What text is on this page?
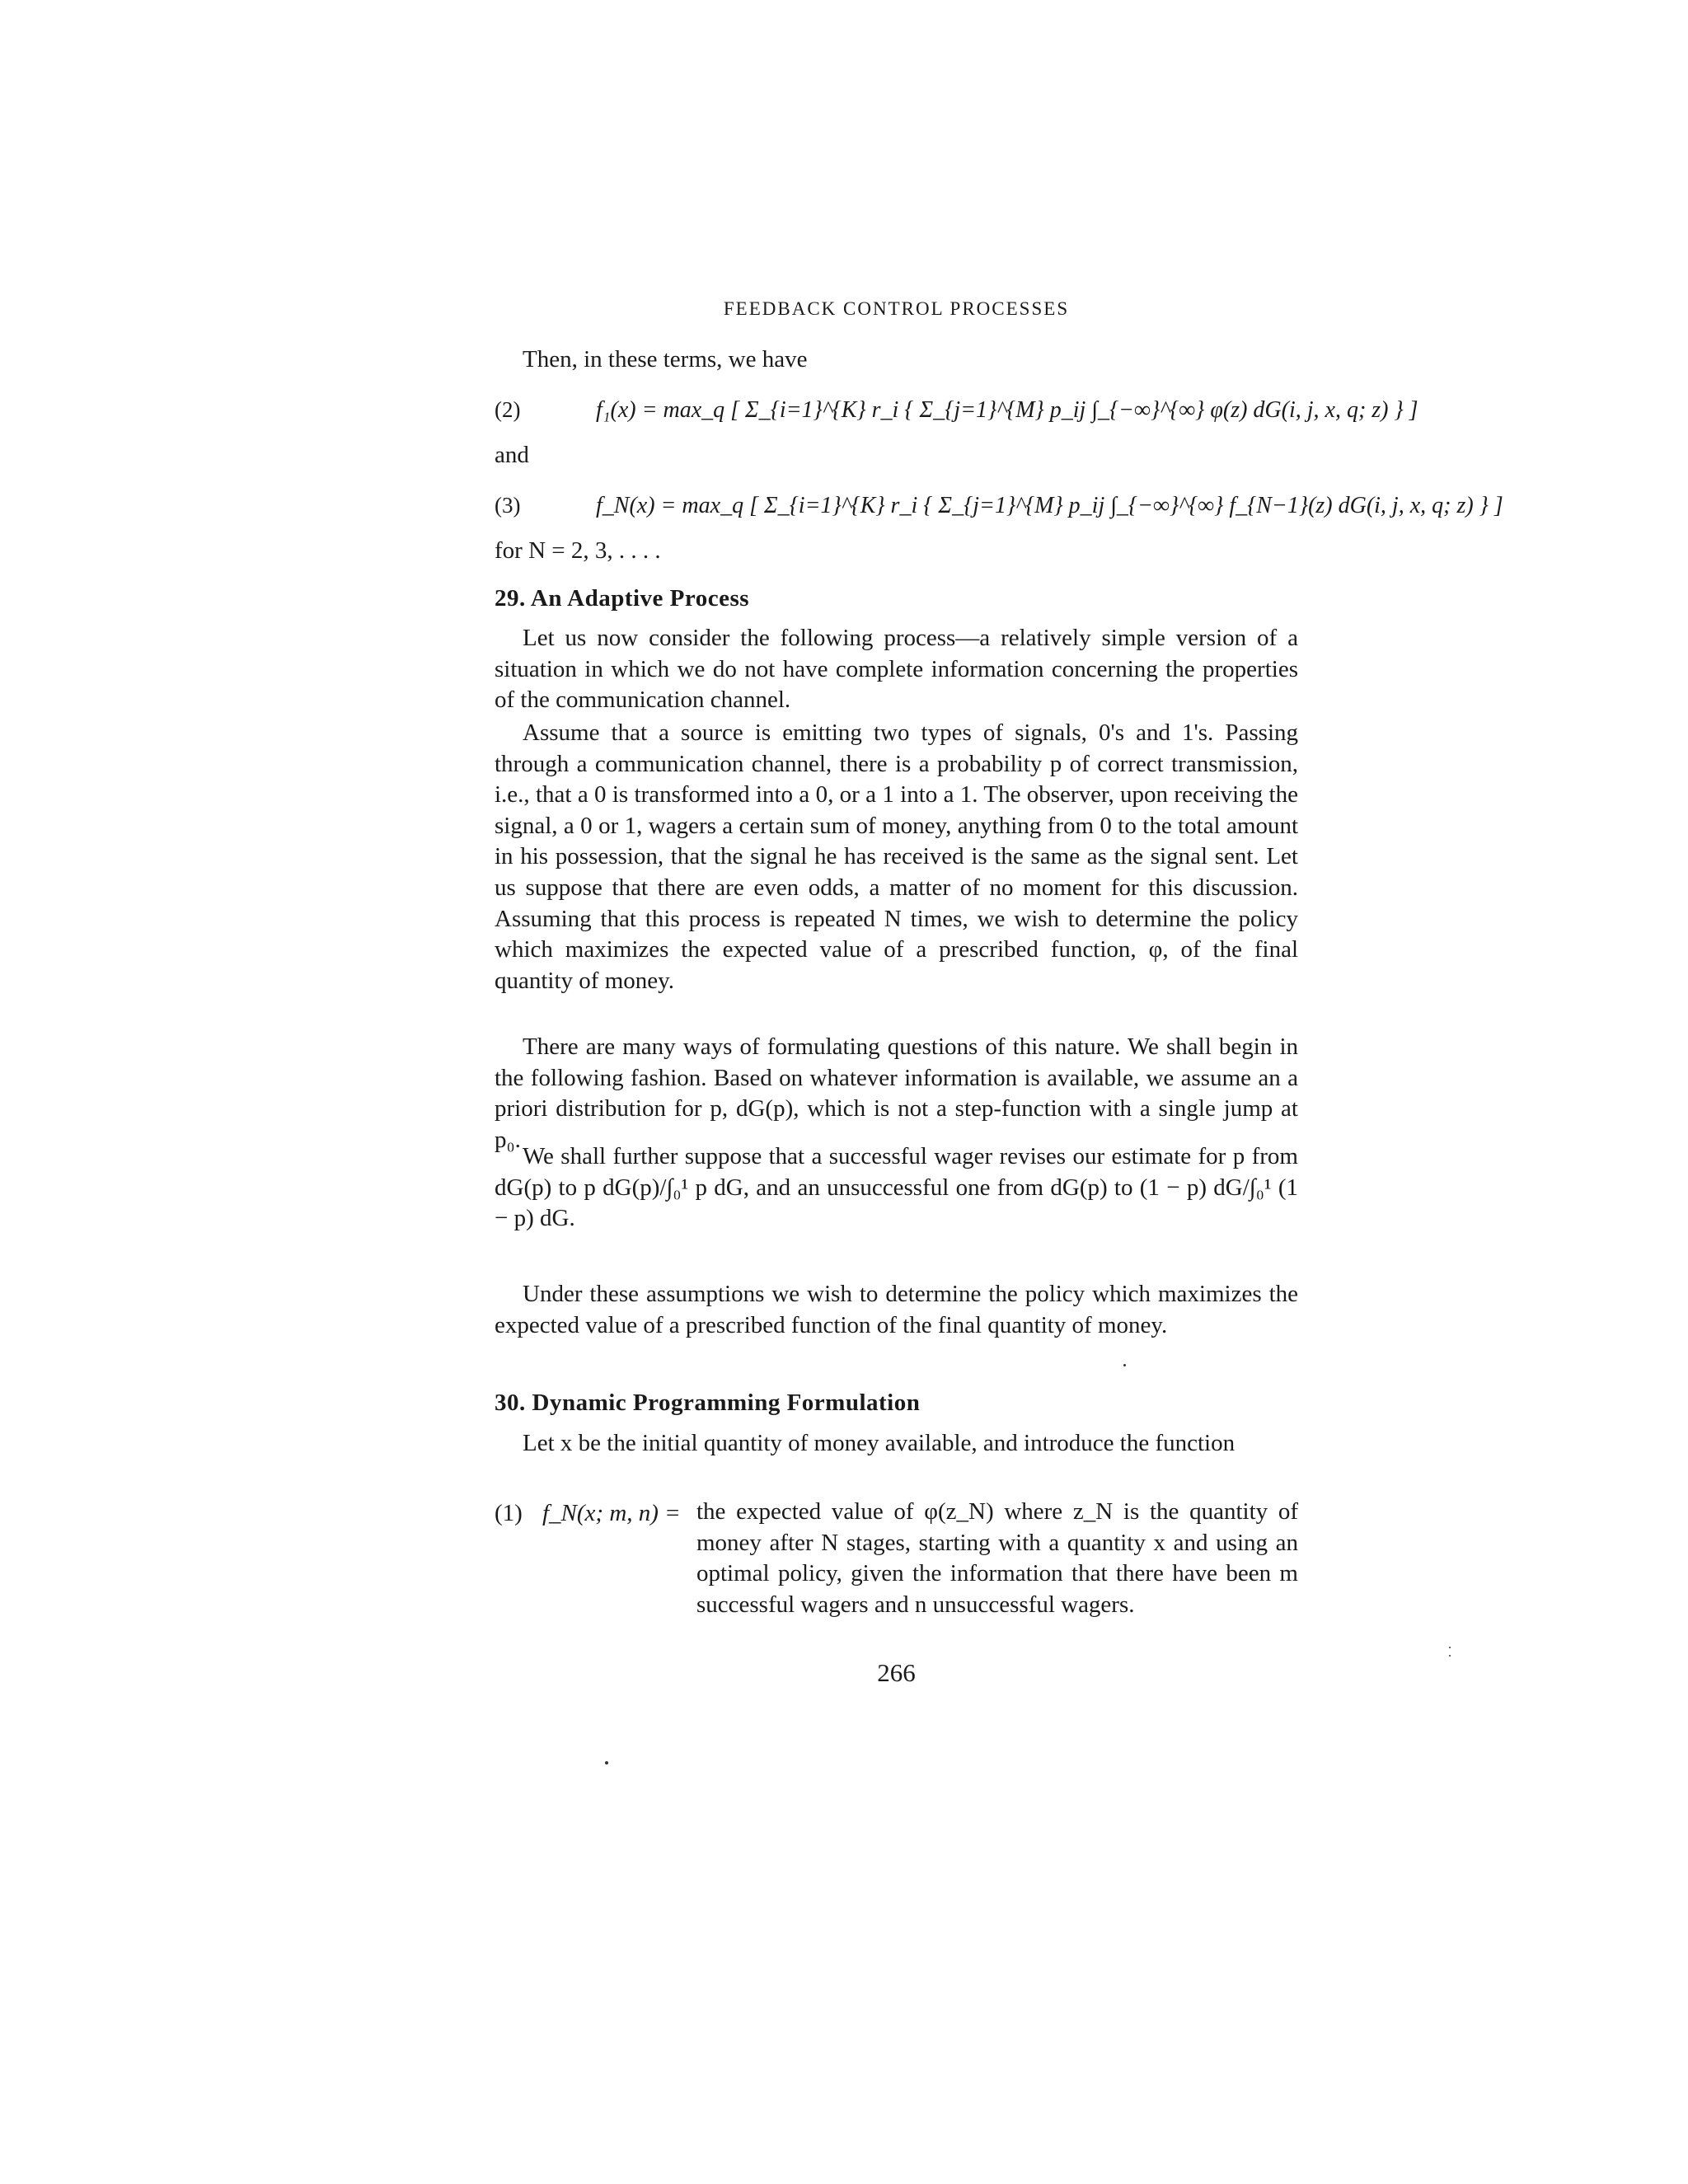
FEEDBACK CONTROL PROCESSES

Then, in these terms, we have

(2)	f₁(x) = max_q [ Σ_{i=1}^{K} r_i { Σ_{j=1}^{M} p_ij ∫_{−∞}^{∞} φ(z) dG(i, j, x, q; z) } ]
and
(3)	f_N(x) = max_q [ Σ_{i=1}^{K} r_i { Σ_{j=1}^{M} p_ij ∫_{−∞}^{∞} f_{N−1}(z) dG(i, j, x, q; z) } ]
for N = 2, 3, . . . .
29. An Adaptive Process

Let us now consider the following process—a relatively simple version of a situation in which we do not have complete information concerning the properties of the communication channel.

Assume that a source is emitting two types of signals, 0's and 1's. Passing through a communication channel, there is a probability p of correct transmission, i.e., that a 0 is transformed into a 0, or a 1 into a 1. The observer, upon receiving the signal, a 0 or 1, wagers a certain sum of money, anything from 0 to the total amount in his possession, that the signal he has received is the same as the signal sent. Let us suppose that there are even odds, a matter of no moment for this discussion. Assuming that this process is repeated N times, we wish to determine the policy which maximizes the expected value of a prescribed function, φ, of the final quantity of money.

There are many ways of formulating questions of this nature. We shall begin in the following fashion. Based on whatever information is available, we assume an a priori distribution for p, dG(p), which is not a step-function with a single jump at p₀.

We shall further suppose that a successful wager revises our estimate for p from dG(p) to p dG(p)/∫₀¹ p dG, and an unsuccessful one from dG(p) to (1 − p) dG/∫₀¹ (1 − p) dG.

Under these assumptions we wish to determine the policy which maximizes the expected value of a prescribed function of the final quantity of money.

30. Dynamic Programming Formulation

Let x be the initial quantity of money available, and introduce the function

(1) f_N(x; m, n) = the expected value of φ(z_N) where z_N is the quantity of money after N stages, starting with a quantity x and using an optimal policy, given the information that there have been m successful wagers and n unsuccessful wagers.
266
